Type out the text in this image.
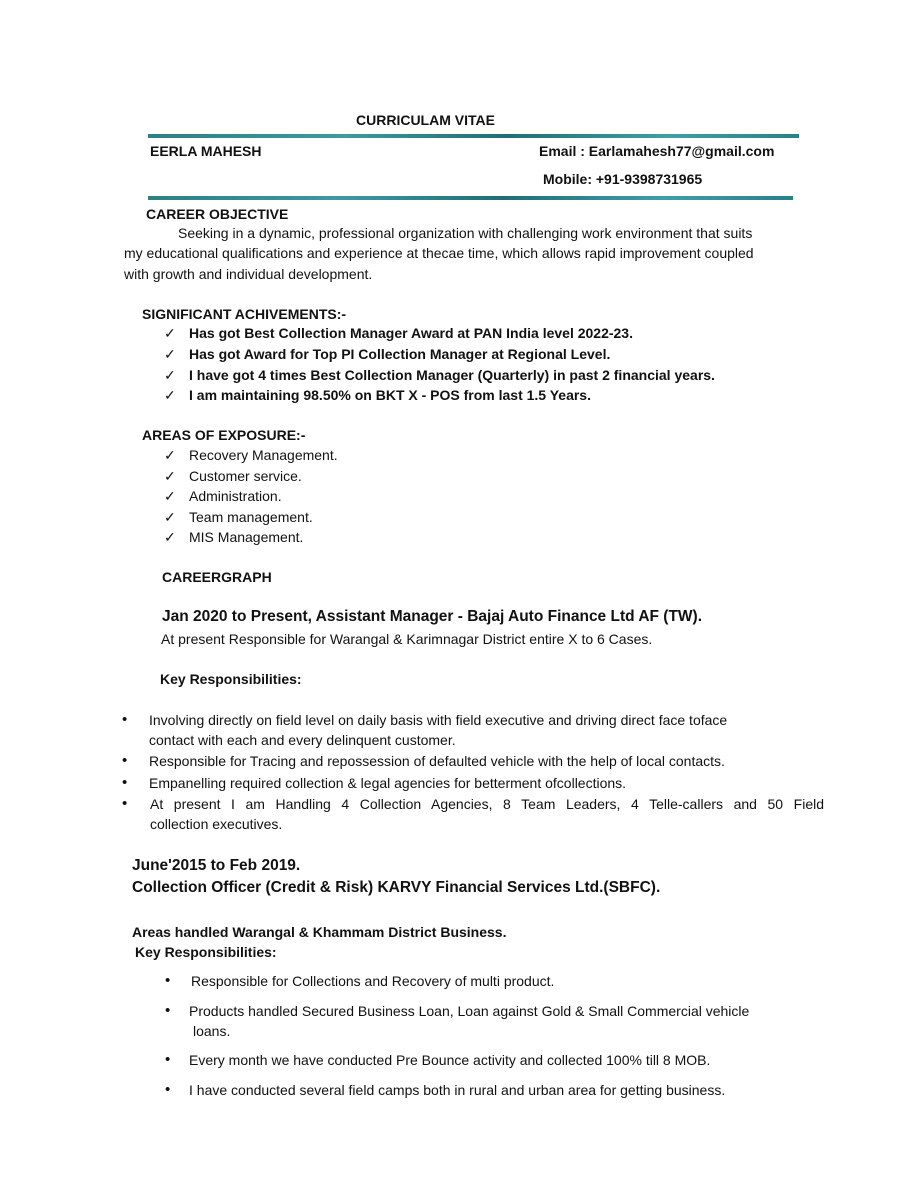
CURRICULAM VITAE
EERLA MAHESH	Email : Earlamahesh77@gmail.com
Mobile: +91-9398731965
CAREER OBJECTIVE
Seeking in a dynamic, professional organization with challenging work environment that suits
my educational qualifications and experience at thecae time, which allows rapid improvement coupled
with growth and individual development.
SIGNIFICANT ACHIVEMENTS:-
✓ Has got Best Collection Manager Award at PAN India level 2022-23.
✓ Has got Award for Top PI Collection Manager at Regional Level.
✓ I have got 4 times Best Collection Manager (Quarterly) in past 2 financial years.
✓ I am maintaining 98.50% on BKT X - POS from last 1.5 Years.
AREAS OF EXPOSURE:-
✓ Recovery Management.
✓ Customer service.
✓ Administration.
✓ Team management.
✓ MIS Management.
CAREERGRAPH
Jan 2020 to Present, Assistant Manager - Bajaj Auto Finance Ltd AF (TW).
At present Responsible for Warangal & Karimnagar District entire X to 6 Cases.
Key Responsibilities:
• Involving directly on field level on daily basis with field executive and driving direct face toface
contact with each and every delinquent customer.
• Responsible for Tracing and repossession of defaulted vehicle with the help of local contacts.
• Empanelling required collection & legal agencies for betterment ofcollections.
• At present I am Handling 4 Collection Agencies, 8 Team Leaders, 4 Telle-callers and 50 Field
collection executives.
June'2015 to Feb 2019.
Collection Officer (Credit & Risk) KARVY Financial Services Ltd.(SBFC).
Areas handled Warangal & Khammam District Business.
Key Responsibilities:
• Responsible for Collections and Recovery of multi product.
• Products handled Secured Business Loan, Loan against Gold & Small Commercial vehicle
loans.
• Every month we have conducted Pre Bounce activity and collected 100% till 8 MOB.
• I have conducted several field camps both in rural and urban area for getting business.
